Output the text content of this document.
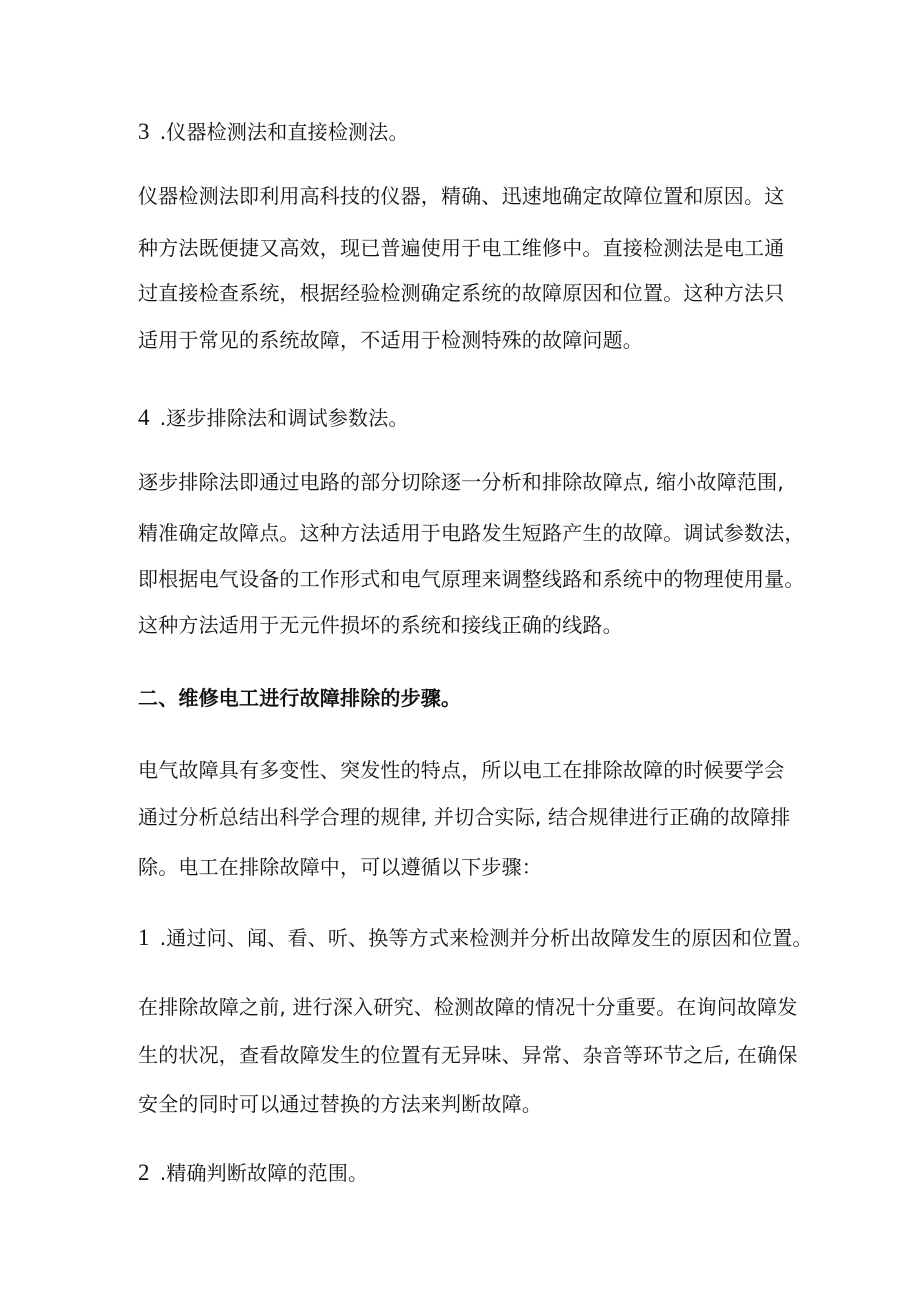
3 .仪器检测法和直接检测法。
仪器检测法即利用高科技的仪器，精确、迅速地确定故障位置和原因。这
种方法既便捷又高效，现已普遍使用于电工维修中。直接检测法是电工通
过直接检查系统，根据经验检测确定系统的故障原因和位置。这种方法只
适用于常见的系统故障，不适用于检测特殊的故障问题。
4 .逐步排除法和调试参数法。
逐步排除法即通过电路的部分切除逐一分析和排除故障点, 缩小故障范围,
精准确定故障点。这种方法适用于电路发生短路产生的故障。调试参数法，
即根据电气设备的工作形式和电气原理来调整线路和系统中的物理使用量。
这种方法适用于无元件损坏的系统和接线正确的线路。
二、维修电工进行故障排除的步骤。
电气故障具有多变性、突发性的特点，所以电工在排除故障的时候要学会
通过分析总结出科学合理的规律, 并切合实际, 结合规律进行正确的故障排
除。电工在排除故障中，可以遵循以下步骤：
1 .通过问、闻、看、听、换等方式来检测并分析出故障发生的原因和位置。
在排除故障之前, 进行深入研究、检测故障的情况十分重要。在询问故障发
生的状况，查看故障发生的位置有无异味、异常、杂音等环节之后, 在确保
安全的同时可以通过替换的方法来判断故障。
2 .精确判断故障的范围。
